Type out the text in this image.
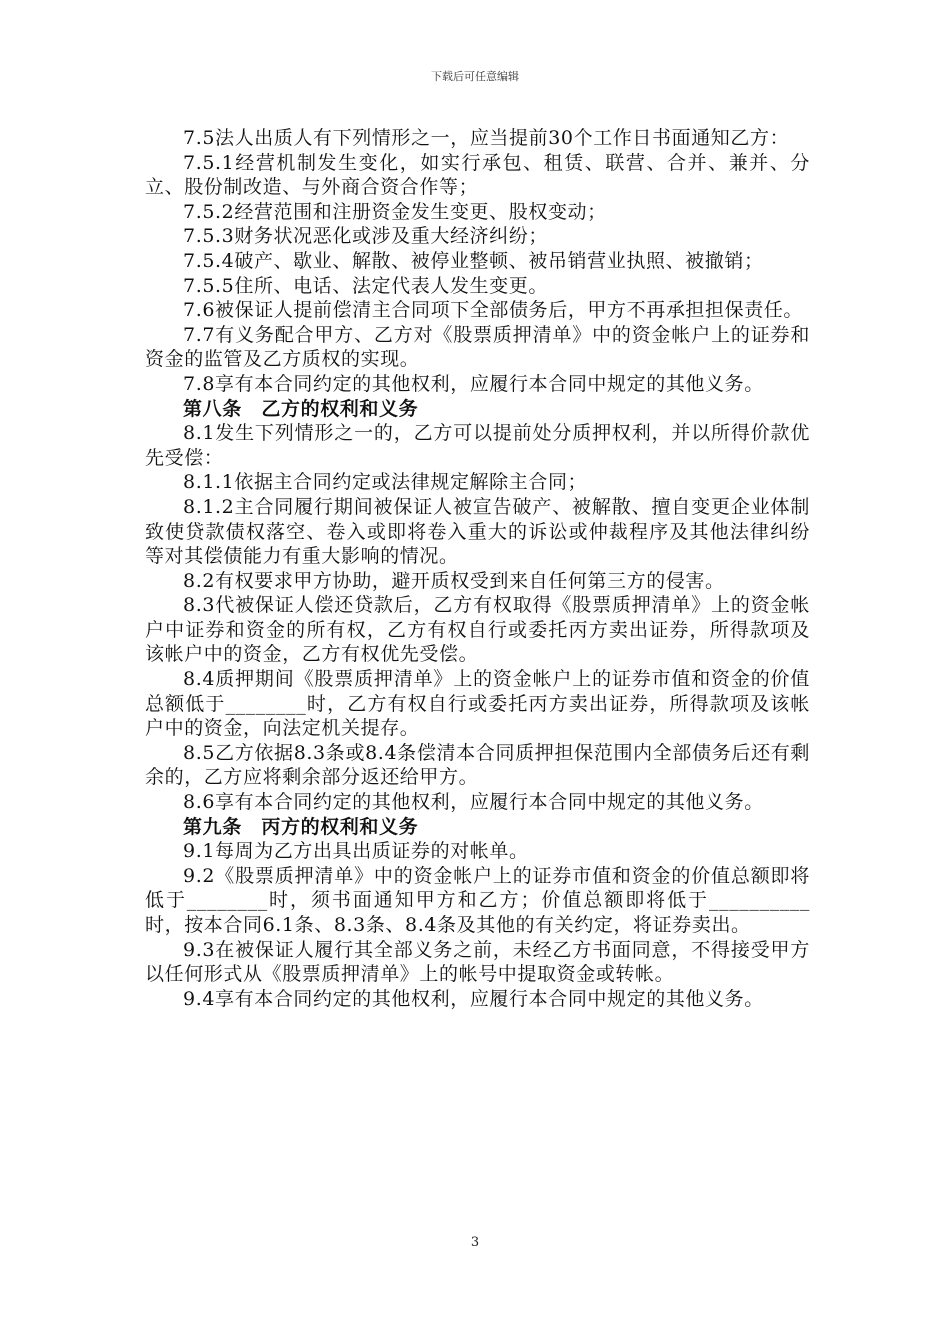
下载后可任意编辑

7.5法人出质人有下列情形之一，应当提前30个工作日书面通知乙方：

7.5.1经营机制发生变化，如实行承包、租赁、联营、合并、兼并、分立、股份制改造、与外商合资合作等；

7.5.2经营范围和注册资金发生变更、股权变动；

7.5.3财务状况恶化或涉及重大经济纠纷；

7.5.4破产、歇业、解散、被停业整顿、被吊销营业执照、被撤销；

7.5.5住所、电话、法定代表人发生变更。

7.6被保证人提前偿清主合同项下全部债务后，甲方不再承担担保责任。

7.7有义务配合甲方、乙方对《股票质押清单》中的资金帐户上的证券和资金的监管及乙方质权的实现。

7.8享有本合同约定的其他权利，应履行本合同中规定的其他义务。

第八条　乙方的权利和义务

8.1发生下列情形之一的，乙方可以提前处分质押权利，并以所得价款优先受偿：

8.1.1依据主合同约定或法律规定解除主合同；

8.1.2主合同履行期间被保证人被宣告破产、被解散、擅自变更企业体制致使贷款债权落空、卷入或即将卷入重大的诉讼或仲裁程序及其他法律纠纷等对其偿债能力有重大影响的情况。

8.2有权要求甲方协助，避开质权受到来自任何第三方的侵害。

8.3代被保证人偿还贷款后，乙方有权取得《股票质押清单》上的资金帐户中证券和资金的所有权，乙方有权自行或委托丙方卖出证券，所得款项及该帐户中的资金，乙方有权优先受偿。

8.4质押期间《股票质押清单》上的资金帐户上的证券市值和资金的价值总额低于________时，乙方有权自行或委托丙方卖出证券，所得款项及该帐户中的资金，向法定机关提存。

8.5乙方依据8.3条或8.4条偿清本合同质押担保范围内全部债务后还有剩余的，乙方应将剩余部分返还给甲方。

8.6享有本合同约定的其他权利，应履行本合同中规定的其他义务。

第九条　丙方的权利和义务

9.1每周为乙方出具出质证券的对帐单。

9.2《股票质押清单》中的资金帐户上的证券市值和资金的价值总额即将低于________时，须书面通知甲方和乙方；价值总额即将低于__________时，按本合同6.1条、8.3条、8.4条及其他的有关约定，将证券卖出。

9.3在被保证人履行其全部义务之前，未经乙方书面同意，不得接受甲方以任何形式从《股票质押清单》上的帐号中提取资金或转帐。

9.4享有本合同约定的其他权利，应履行本合同中规定的其他义务。

3
